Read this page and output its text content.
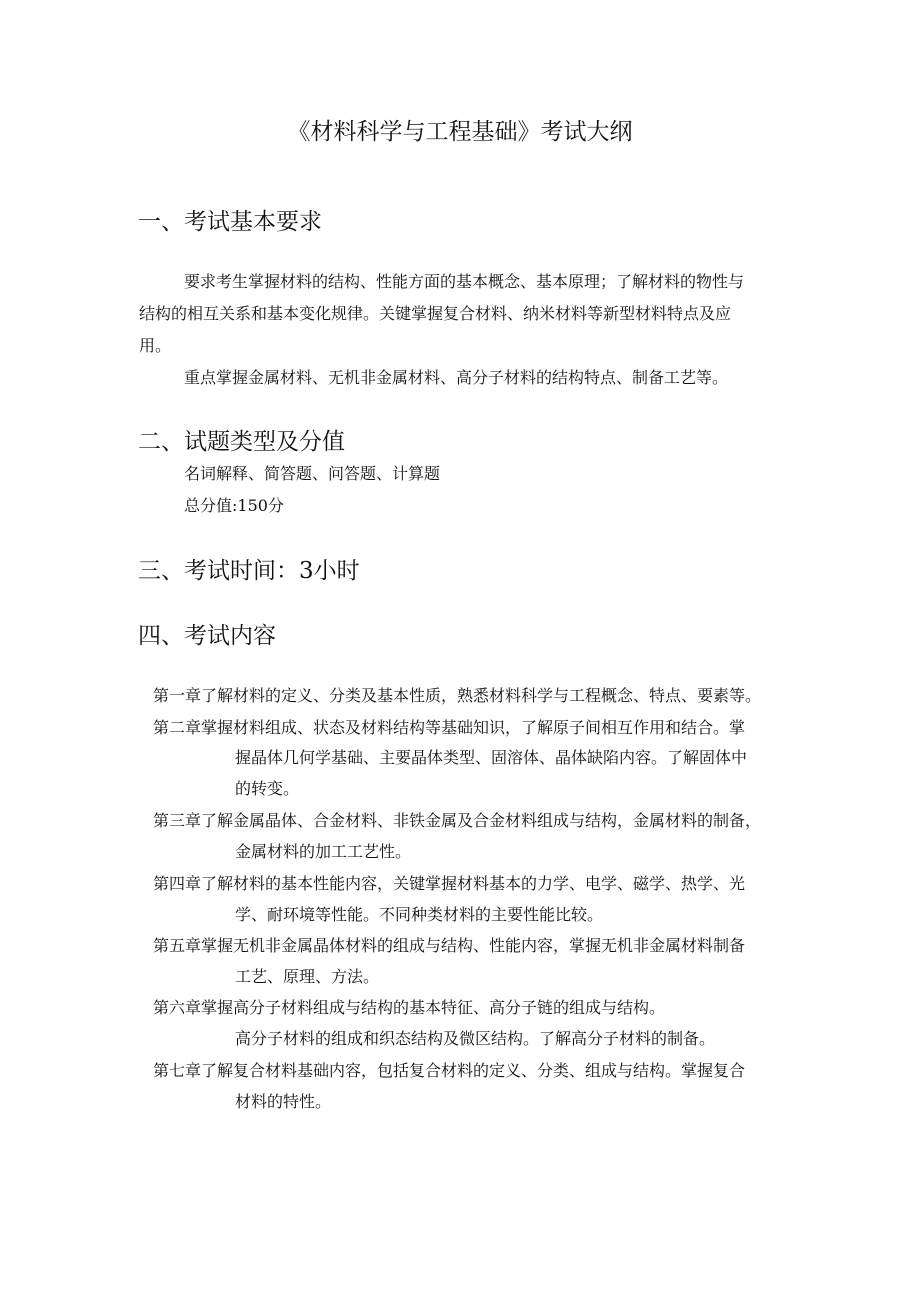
《材料科学与工程基础》考试大纲
一、考试基本要求
要求考生掌握材料的结构、性能方面的基本概念、基本原理；了解材料的物性与
结构的相互关系和基本变化规律。关键掌握复合材料、纳米材料等新型材料特点及应
用。
重点掌握金属材料、无机非金属材料、高分子材料的结构特点、制备工艺等。
二、试题类型及分值
名词解释、简答题、问答题、计算题
总分值:150分
三、考试时间：3小时
四、考试内容
第一章了解材料的定义、分类及基本性质，熟悉材料科学与工程概念、特点、要素等。
第二章掌握材料组成、状态及材料结构等基础知识，了解原子间相互作用和结合。掌
握晶体几何学基础、主要晶体类型、固溶体、晶体缺陷内容。了解固体中
的转变。
第三章了解金属晶体、合金材料、非铁金属及合金材料组成与结构，金属材料的制备，
金属材料的加工工艺性。
第四章了解材料的基本性能内容，关键掌握材料基本的力学、电学、磁学、热学、光
学、耐环境等性能。不同种类材料的主要性能比较。
第五章掌握无机非金属晶体材料的组成与结构、性能内容，掌握无机非金属材料制备
工艺、原理、方法。
第六章掌握高分子材料组成与结构的基本特征、高分子链的组成与结构。
高分子材料的组成和织态结构及微区结构。了解高分子材料的制备。
第七章了解复合材料基础内容，包括复合材料的定义、分类、组成与结构。掌握复合
材料的特性。
